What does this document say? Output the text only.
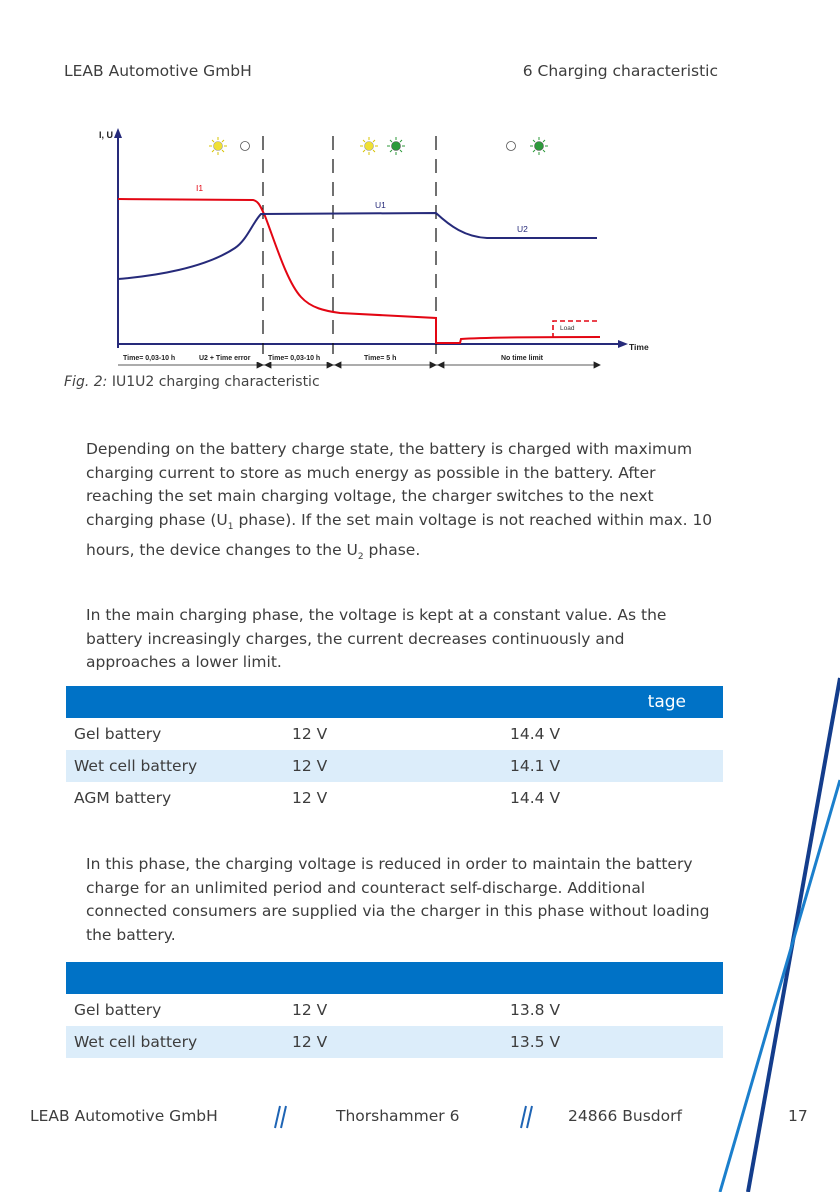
LEAB Automotive GmbH	6 Charging characteristic
I, U
Time
Load
I1
U1
U2
Time= 0,03-10 h	U2 + Time error	Time= 0,03-10 h	Time= 5 h	No time limit
Fig. 2: IU1U2 charging characteristic
Depending on the battery charge state, the battery is charged with maximum charging current to store as much energy as possible in the battery. After reaching the set main charging voltage, the charger switches to the next charging phase ($U_1$ phase). If the set main voltage is not reached within max. 10 hours, the device changes to the $U_2$ phase.
In the main charging phase, the voltage is kept at a constant value. As the battery increasingly charges, the current decreases continuously and approaches a lower limit.
tage		
Gel battery	12 V	14.4 V
Wet cell battery	12 V	14.1 V
AGM battery	12 V	14.4 V
In this phase, the charging voltage is reduced in order to maintain the battery charge for an unlimited period and counteract self-discharge. Additional connected consumers are supplied via the charger in this phase without loading the battery.

Gel battery	12 V	13.8 V
Wet cell battery	12 V	13.5 V
LEAB Automotive GmbH	Thorshammer 6	24866 Busdorf	17
